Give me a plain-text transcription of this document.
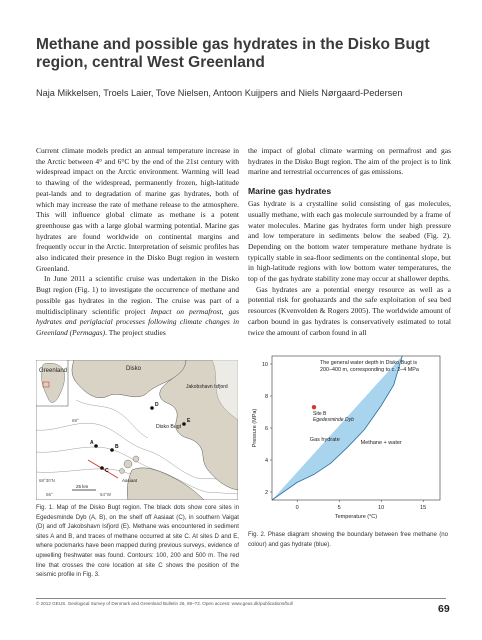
Methane and possible gas hydrates in the Disko Bugt region, central West Greenland

Naja Mikkelsen, Troels Laier, Tove Nielsen, Antoon Kuijpers and Niels Nørgaard-Pedersen

Current climate models predict an annual temperature increase in the Arctic between 4° and 6°C by the end of the 21st century with widespread impact on the Arctic environment. Warming will lead to thawing of the widespread, permanently frozen, high-latitude peat-lands and to degradation of marine gas hydrates, both of which may increase the rate of methane release to the atmosphere. This will influence global climate as methane is a potent greenhouse gas with a large global warming potential. Marine gas hydrates are found worldwide on continental margins and frequently occur in the Arctic. Interpretation of seismic profiles has also indicated their presence in the Disko Bugt region in western Greenland.

In June 2011 a scientific cruise was undertaken in the Disko Bugt region (Fig. 1) to investigate the occurrence of methane and possible gas hydrates in the region. The cruise was part of a multidisciplinary scientific project Impact on permafrost, gas hydrates and periglacial processes following climate changes in Greenland (Permagas). The project studies

the impact of global climate warming on permafrost and gas hydrates in the Disko Bugt region. The aim of the project is to link marine and terrestrial occurrences of gas emissions.

Marine gas hydrates

Gas hydrate is a crystalline solid consisting of gas molecules, usually methane, with each gas molecule surrounded by a frame of water molecules. Marine gas hydrates form under high pressure and low temperature in sediments below the seabed (Fig. 2). Depending on the bottom water temperature methane hydrate is typically stable in sea-floor sediments on the continental slope, but in high-latitude regions with low bottom water temperatures, the top of the gas hydrate stability zone may occur at shallower depths.

Gas hydrates are a potential energy resource as well as a potential risk for geohazards and the safe exploitation of sea bed resources (Kvenvolden & Rogers 2005). The worldwide amount of carbon bound in gas hydrates is conservatively estimated to total twice the amount of carbon found in all

Greenland	Disko
Jakobshavn Isfjord
Disko Bugt
69°
68°30'N
56°	54°W
25 km
A
B
C
D
E
Aasiaat
2
4
6
8
10
0	5	10	15
Pressure (MPa)
Temperature (°C)
Gas hydrate
Methane + water
Site B
Egedesminde Dyb
The general water depth in Disko Bugt is 200–400 m, corresponding to c. 2–4 MPa

Fig. 1. Map of the Disko Bugt region. The black dots show core sites in Egedesminde Dyb (A, B), on the shelf off Aasiaat (C), in southern Vaigat (D) and off Jakobshavn Isfjord (E). Methane was encountered in sediment sites A and B, and traces of methane occurred at site C. At sites D and E, where pockmarks have been mapped during previous surveys, evidence of upwelling freshwater was found. Contours: 100, 200 and 500 m. The red line that crosses the core location at site C shows the position of the seismic profile in Fig. 3.

Fig. 2. Phase diagram showing the boundary between free methane (no colour) and gas hydrate (blue).

© 2012 GEUS. Geological Survey of Denmark and Greenland Bulletin 26, 69–72. Open access: www.geus.dk/publications/bull	69
